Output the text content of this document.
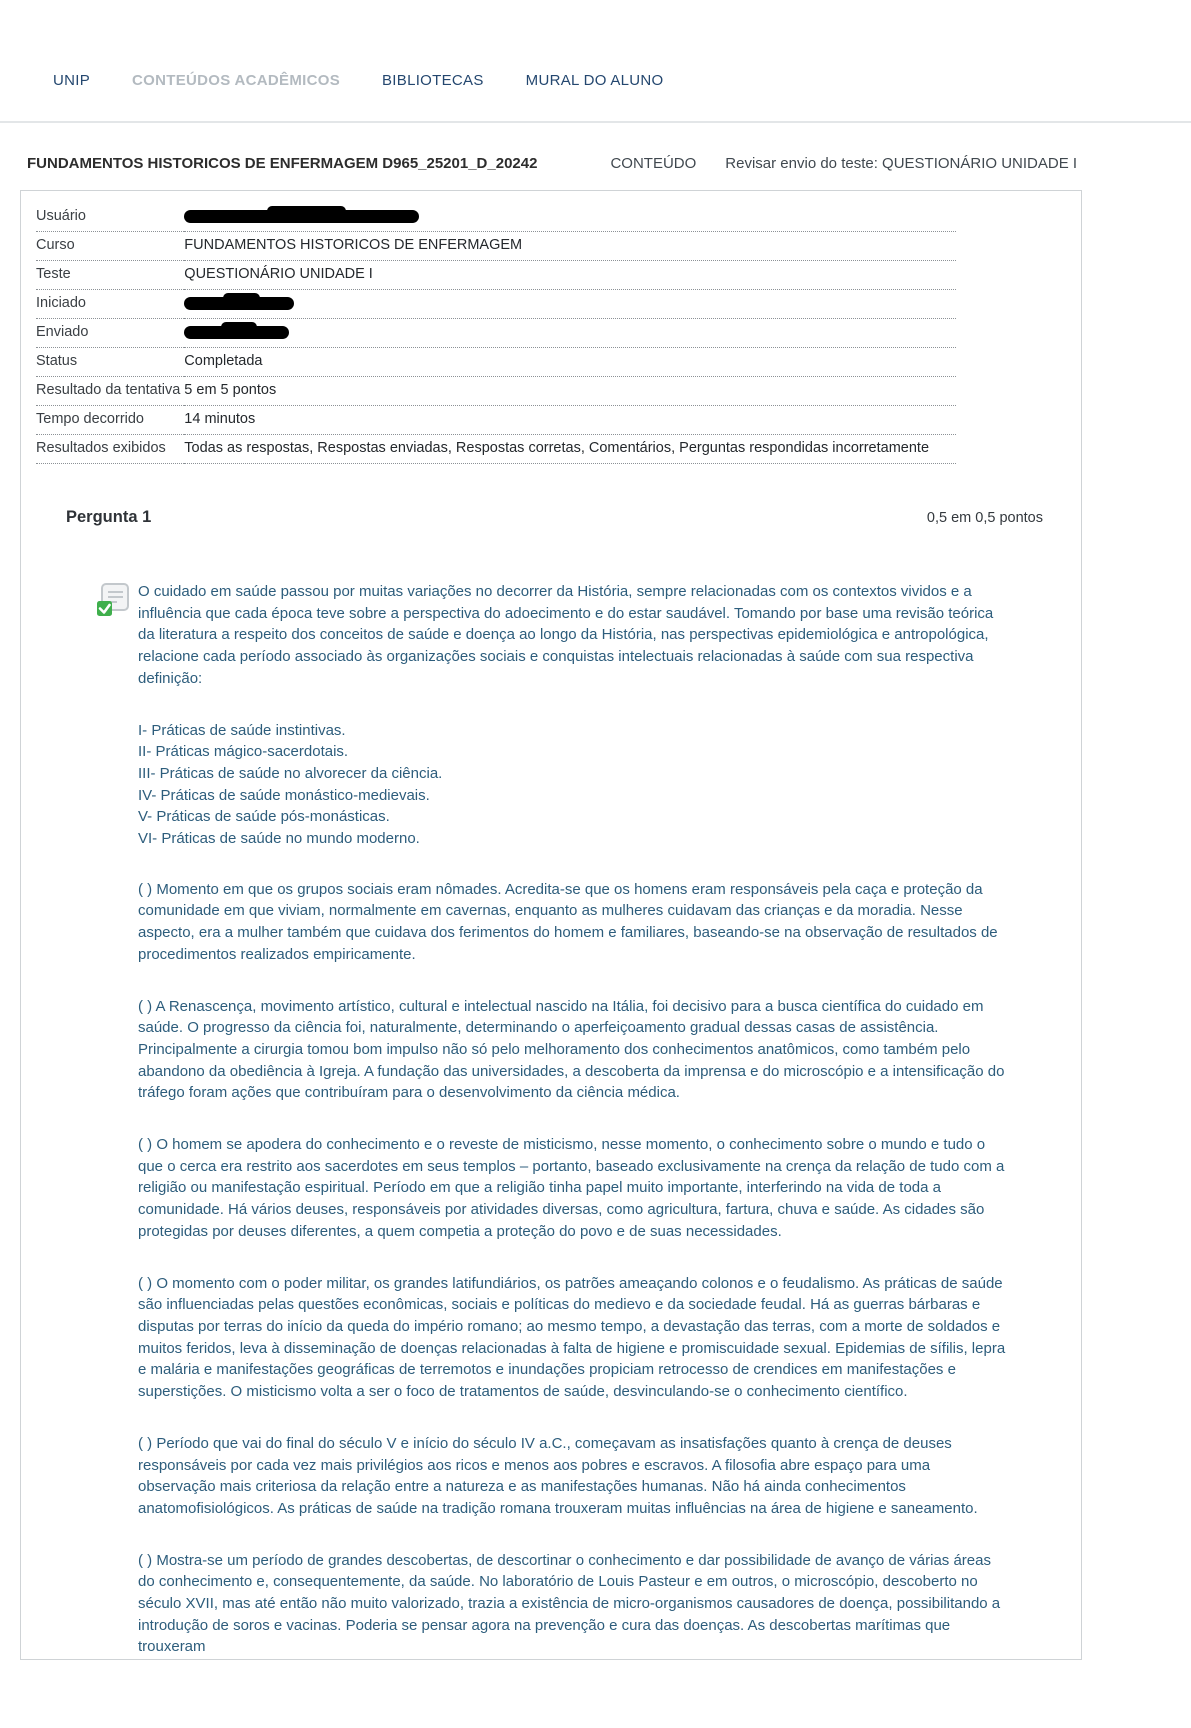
UNIP	CONTEÚDOS ACADÊMICOS	BIBLIOTECAS	MURAL DO ALUNO
FUNDAMENTOS HISTORICOS DE ENFERMAGEM D965_25201_D_20242	CONTEÚDO Revisar envio do teste: QUESTIONÁRIO UNIDADE I
Usuário	
Curso	FUNDAMENTOS HISTORICOS DE ENFERMAGEM
Teste	QUESTIONÁRIO UNIDADE I
Iniciado	
Enviado	
Status	Completada
Resultado da tentativa	5 em 5 pontos
Tempo decorrido	14 minutos
Resultados exibidos	Todas as respostas, Respostas enviadas, Respostas corretas, Comentários, Perguntas respondidas incorretamente
Pergunta 1	0,5 em 0,5 pontos

O cuidado em saúde passou por muitas variações no decorrer da História, sempre relacionadas com os contextos vividos e a influência que cada época teve sobre a perspectiva do adoecimento e do estar saudável. Tomando por base uma revisão teórica da literatura a respeito dos conceitos de saúde e doença ao longo da História, nas perspectivas epidemiológica e antropológica, relacione cada período associado às organizações sociais e conquistas intelectuais relacionadas à saúde com sua respectiva definição:

I- Práticas de saúde instintivas.
II- Práticas mágico-sacerdotais.
III- Práticas de saúde no alvorecer da ciência.
IV- Práticas de saúde monástico-medievais.
V- Práticas de saúde pós-monásticas.
VI- Práticas de saúde no mundo moderno.

( ) Momento em que os grupos sociais eram nômades. Acredita-se que os homens eram responsáveis pela caça e proteção da comunidade em que viviam, normalmente em cavernas, enquanto as mulheres cuidavam das crianças e da moradia. Nesse aspecto, era a mulher também que cuidava dos ferimentos do homem e familiares, baseando-se na observação de resultados de procedimentos realizados empiricamente.

( ) A Renascença, movimento artístico, cultural e intelectual nascido na Itália, foi decisivo para a busca científica do cuidado em saúde. O progresso da ciência foi, naturalmente, determinando o aperfeiçoamento gradual dessas casas de assistência. Principalmente a cirurgia tomou bom impulso não só pelo melhoramento dos conhecimentos anatômicos, como também pelo abandono da obediência à Igreja. A fundação das universidades, a descoberta da imprensa e do microscópio e a intensificação do tráfego foram ações que contribuíram para o desenvolvimento da ciência médica.

( ) O homem se apodera do conhecimento e o reveste de misticismo, nesse momento, o conhecimento sobre o mundo e tudo o que o cerca era restrito aos sacerdotes em seus templos – portanto, baseado exclusivamente na crença da relação de tudo com a religião ou manifestação espiritual. Período em que a religião tinha papel muito importante, interferindo na vida de toda a comunidade. Há vários deuses, responsáveis por atividades diversas, como agricultura, fartura, chuva e saúde. As cidades são protegidas por deuses diferentes, a quem competia a proteção do povo e de suas necessidades.

( ) O momento com o poder militar, os grandes latifundiários, os patrões ameaçando colonos e o feudalismo. As práticas de saúde são influenciadas pelas questões econômicas, sociais e políticas do medievo e da sociedade feudal. Há as guerras bárbaras e disputas por terras do início da queda do império romano; ao mesmo tempo, a devastação das terras, com a morte de soldados e muitos feridos, leva à disseminação de doenças relacionadas à falta de higiene e promiscuidade sexual. Epidemias de sífilis, lepra e malária e manifestações geográficas de terremotos e inundações propiciam retrocesso de crendices em manifestações e superstições. O misticismo volta a ser o foco de tratamentos de saúde, desvinculando-se o conhecimento científico.

( ) Período que vai do final do século V e início do século IV a.C., começavam as insatisfações quanto à crença de deuses responsáveis por cada vez mais privilégios aos ricos e menos aos pobres e escravos. A filosofia abre espaço para uma observação mais criteriosa da relação entre a natureza e as manifestações humanas. Não há ainda conhecimentos anatomofisiológicos. As práticas de saúde na tradição romana trouxeram muitas influências na área de higiene e saneamento.

( ) Mostra-se um período de grandes descobertas, de descortinar o conhecimento e dar possibilidade de avanço de várias áreas do conhecimento e, consequentemente, da saúde. No laboratório de Louis Pasteur e em outros, o microscópio, descoberto no século XVII, mas até então não muito valorizado, trazia a existência de micro-organismos causadores de doença, possibilitando a introdução de soros e vacinas. Poderia se pensar agora na prevenção e cura das doenças. As descobertas marítimas que trouxeram
